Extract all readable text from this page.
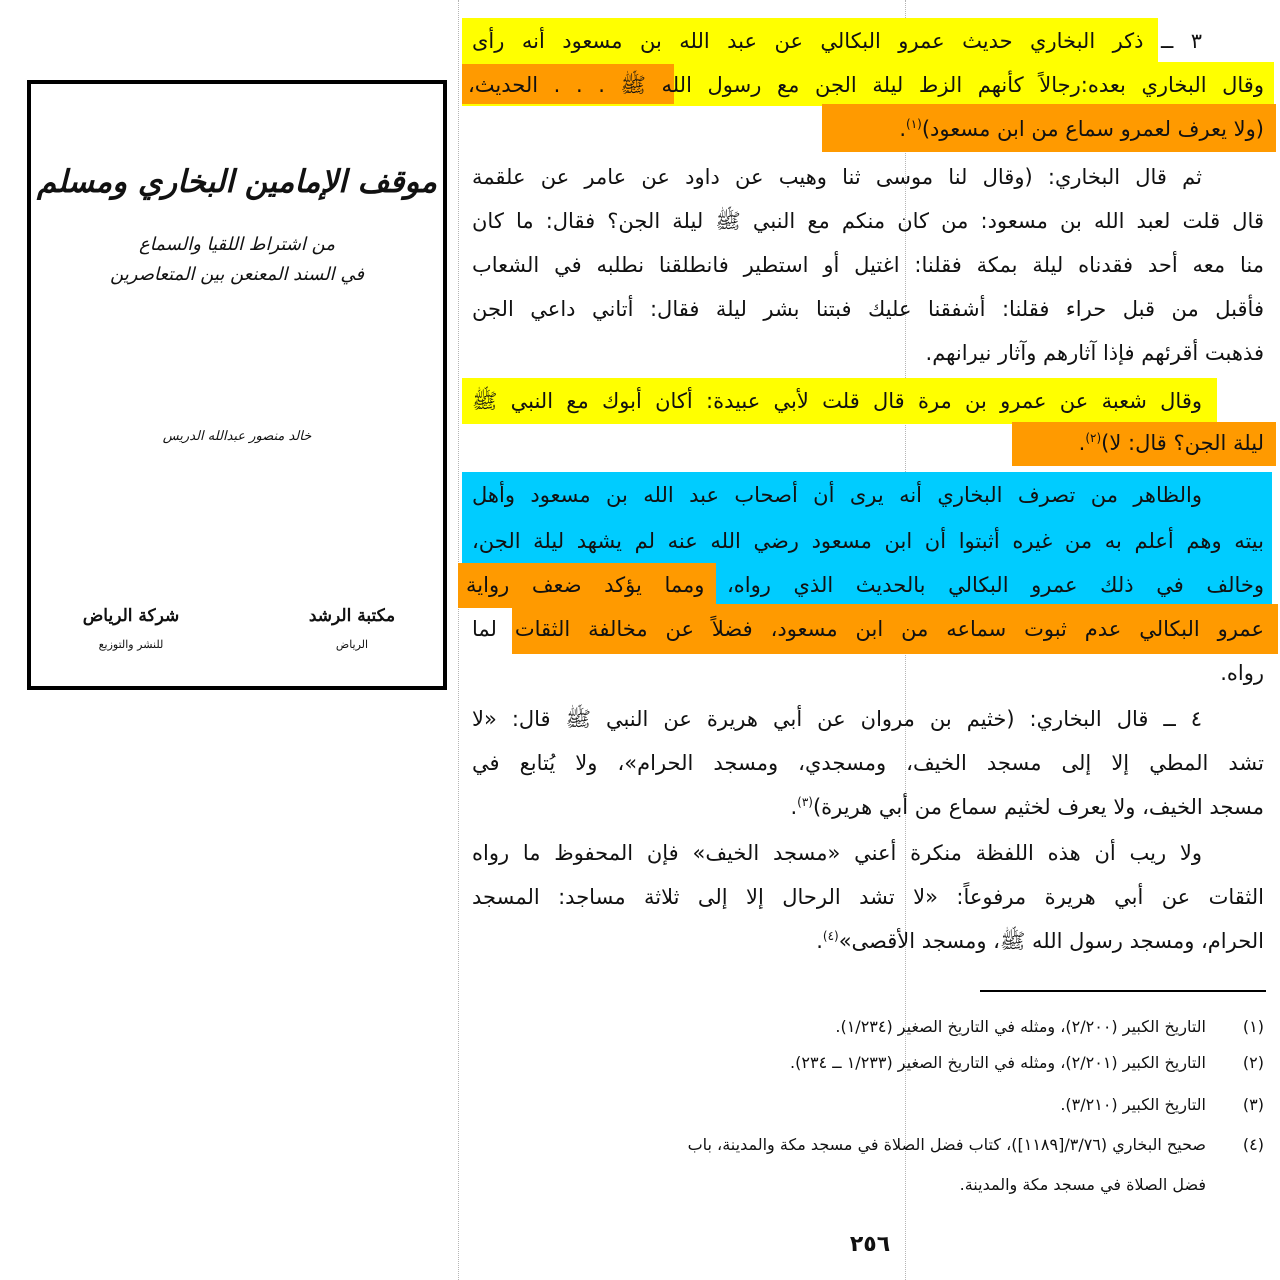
موقف الإمامين البخاري ومسلم
من اشتراط اللقيا والسماع
في السند المعنعن بين المتعاصرين
خالد منصور عبدالله الدريس
مكتبة الرشد
الرياض
شركة الرياض
للنشر والتوزيع
٣ ــ ذكر البخاري حديث عمرو البكالي عن عبد الله بن مسعود أنه رأى
وقال البخاري بعده:رجالاً كأنهم الزط ليلة الجن مع رسول الله ﷺ . . . الحديث،
(ولا يعرف لعمرو سماع من ابن مسعود)$^{(١)}$.
ثم قال البخاري: (وقال لنا موسى ثنا وهيب عن داود عن عامر عن علقمة
قال قلت لعبد الله بن مسعود: من كان منكم مع النبي ﷺ ليلة الجن؟ فقال: ما كان
منا معه أحد فقدناه ليلة بمكة فقلنا: اغتيل أو استطير فانطلقنا نطلبه في الشعاب
فأقبل من قبل حراء فقلنا: أشفقنا عليك فبتنا بشر ليلة فقال: أتاني داعي الجن
فذهبت أقرئهم فإذا آثارهم وآثار نيرانهم.
وقال شعبة عن عمرو بن مرة قال قلت لأبي عبيدة: أكان أبوك مع النبي ﷺ
ليلة الجن؟ قال: لا)$^{(٢)}$.
والظاهر من تصرف البخاري أنه يرى أن أصحاب عبد الله بن مسعود وأهل
بيته وهم أعلم به من غيره أثبتوا أن ابن مسعود رضي الله عنه لم يشهد ليلة الجن،
وخالف في ذلك عمرو البكالي بالحديث الذي رواه، ومما يؤكد ضعف رواية
عمرو البكالي عدم ثبوت سماعه من ابن مسعود، فضلاً عن مخالفة الثقات لما
رواه.
٤ ــ قال البخاري: (خثيم بن مروان عن أبي هريرة عن النبي ﷺ قال: «لا
تشد المطي إلا إلى مسجد الخيف، ومسجدي، ومسجد الحرام»، ولا يُتابع في
مسجد الخيف، ولا يعرف لخثيم سماع من أبي هريرة)$^{(٣)}$.
ولا ريب أن هذه اللفظة منكرة أعني «مسجد الخيف» فإن المحفوظ ما رواه
الثقات عن أبي هريرة مرفوعاً: «لا تشد الرحال إلا إلى ثلاثة مساجد: المسجد
الحرام، ومسجد رسول الله ﷺ، ومسجد الأقصى»$^{(٤)}$.
(١)التاريخ الكبير (٢/٢٠٠)، ومثله في التاريخ الصغير (١/٢٣٤).
(٢)التاريخ الكبير (٢/٢٠١)، ومثله في التاريخ الصغير (١/٢٣٣ ــ ٢٣٤).
(٣)التاريخ الكبير (٣/٢١٠).
(٤)صحيح البخاري (٣/٧٦/[١١٨٩])، كتاب فضل الصلاة في مسجد مكة والمدينة، باب
فضل الصلاة في مسجد مكة والمدينة.
٢٥٦
